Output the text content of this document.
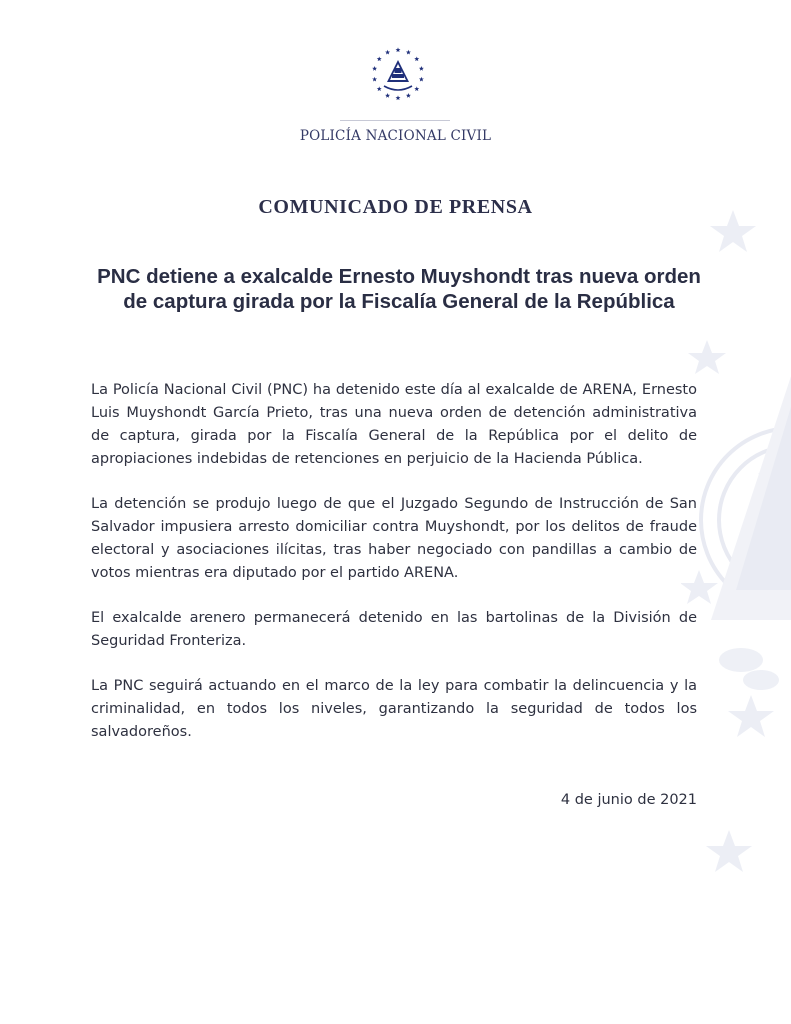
POLICÍA NACIONAL CIVIL
COMUNICADO DE PRENSA
PNC detiene a exalcalde Ernesto Muyshondt tras nueva orden de captura girada por la Fiscalía General de la República

La Policía Nacional Civil (PNC) ha detenido este día al exalcalde de ARENA, Ernesto Luis Muyshondt García Prieto, tras una nueva orden de detención administrativa de captura, girada por la Fiscalía General de la República por el delito de apropiaciones indebidas de retenciones en perjuicio de la Hacienda Pública.

La detención se produjo luego de que el Juzgado Segundo de Instrucción de San Salvador impusiera arresto domiciliar contra Muyshondt, por los delitos de fraude electoral y asociaciones ilícitas, tras haber negociado con pandillas a cambio de votos mientras era diputado por el partido ARENA.

El exalcalde arenero permanecerá detenido en las bartolinas de la División de Seguridad Fronteriza.

La PNC seguirá actuando en el marco de la ley para combatir la delincuencia y la criminalidad, en todos los niveles, garantizando la seguridad de todos los salvadoreños.

4 de junio de 2021
